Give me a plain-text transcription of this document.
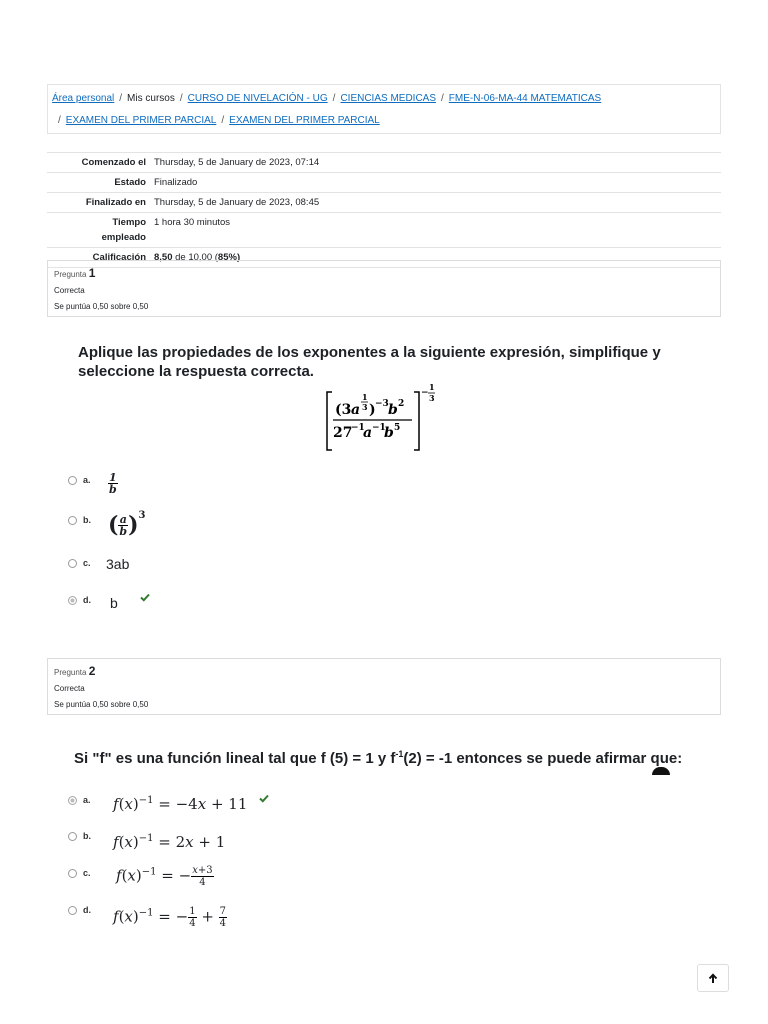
Área personal / Mis cursos / CURSO DE NIVELACIÓN - UG / CIENCIAS MEDICAS / FME-N-06-MA-44 MATEMATICAS
/ EXAMEN DEL PRIMER PARCIAL / EXAMEN DEL PRIMER PARCIAL
Comenzado el	Thursday, 5 de January de 2023, 07:14
Estado	Finalizado
Finalizado en	Thursday, 5 de January de 2023, 08:45
Tiempo
empleado	1 hora 30 minutos
Calificación	8,50 de 10,00 (85%)
Pregunta 1
Correcta
Se puntúa 0,50 sobre 0,50
Aplique las propiedades de los exponentes a la siguiente expresión, simplifique y seleccione la respuesta correcta.
(3 a
1
3 ) −3 b 2
27
−1
a −1
b 5
−
1
3
a. $\frac{1}{b}$
b. ( $\frac{a}{b} )^3$
c. 3ab
d. b
Pregunta 2
Correcta
Se puntúa 0,50 sobre 0,50
Si "f" es una función lineal tal que f (5) = 1 y $f^{-1}(2) = -1$ entonces se puede afirmar que:
a. $f(x)^{-1} = -4x + 11$
b. $f(x)^{-1} = 2x + 1$
c. $f(x)^{-1}$ = − $\frac{x+3}{4}$
d. $f(x)^{-1}$ = − $\frac{1}{4} + \frac{7}{4}$
